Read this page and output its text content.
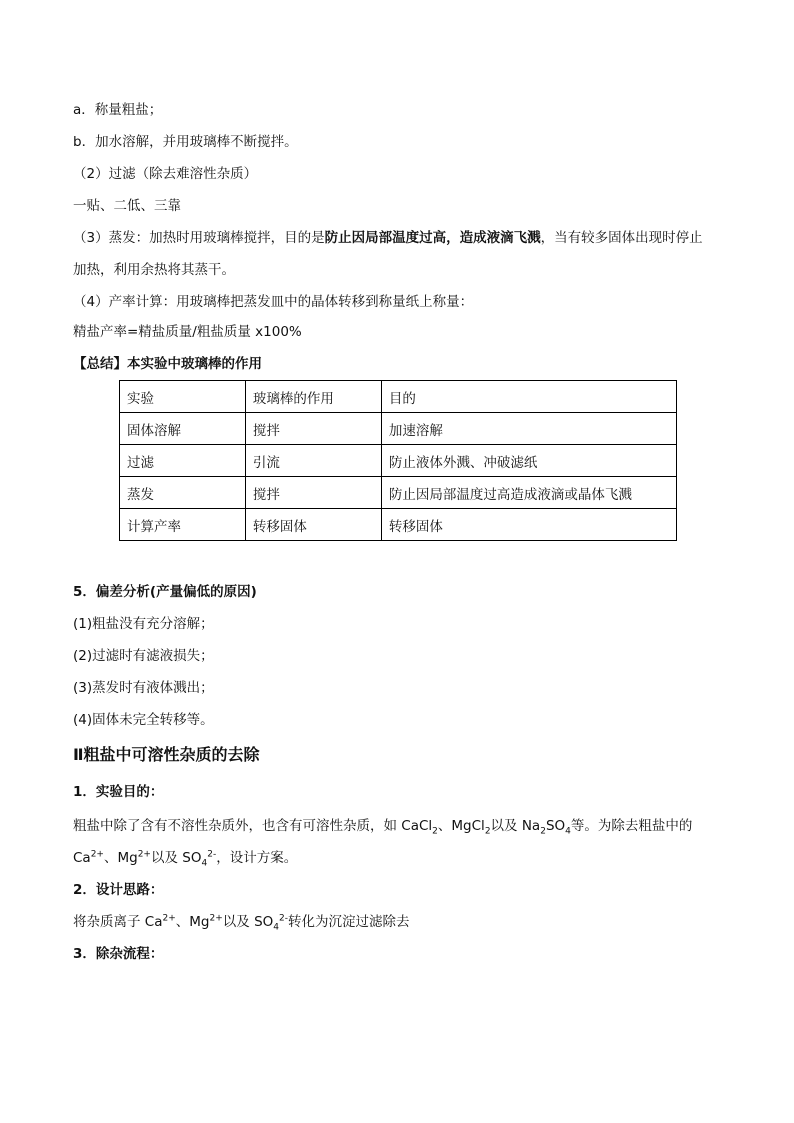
a．称量粗盐；
b．加水溶解，并用玻璃棒不断搅拌。
（2）过滤（除去难溶性杂质）
一贴、二低、三靠
（3）蒸发：加热时用玻璃棒搅拌，目的是防止因局部温度过高，造成液滴飞溅，当有较多固体出现时停止
加热，利用余热将其蒸干。
（4）产率计算：用玻璃棒把蒸发皿中的晶体转移到称量纸上称量：
精盐产率=精盐质量/粗盐质量 x100%
【总结】本实验中玻璃棒的作用
实验	玻璃棒的作用	目的
固体溶解	搅拌	加速溶解
过滤	引流	防止液体外溅、冲破滤纸
蒸发	搅拌	防止因局部温度过高造成液滴或晶体飞溅
计算产率	转移固体	转移固体
5．偏差分析(产量偏低的原因)
(1)粗盐没有充分溶解；
(2)过滤时有滤液损失；
(3)蒸发时有液体溅出；
(4)固体未完全转移等。
Ⅱ粗盐中可溶性杂质的去除
1．实验目的：
粗盐中除了含有不溶性杂质外，也含有可溶性杂质，如 CaCl$_2$、MgCl$_2$以及 $Na_2SO_4$等。为除去粗盐中的
$Ca^{2+}$、$Mg^{2+}$以及 $SO_4^{2-}$，设计方案。
2．设计思路：
将杂质离子 $Ca^{2+}$、$Mg^{2+}$以及 $SO_4^{2-}$转化为沉淀过滤除去
3．除杂流程：
